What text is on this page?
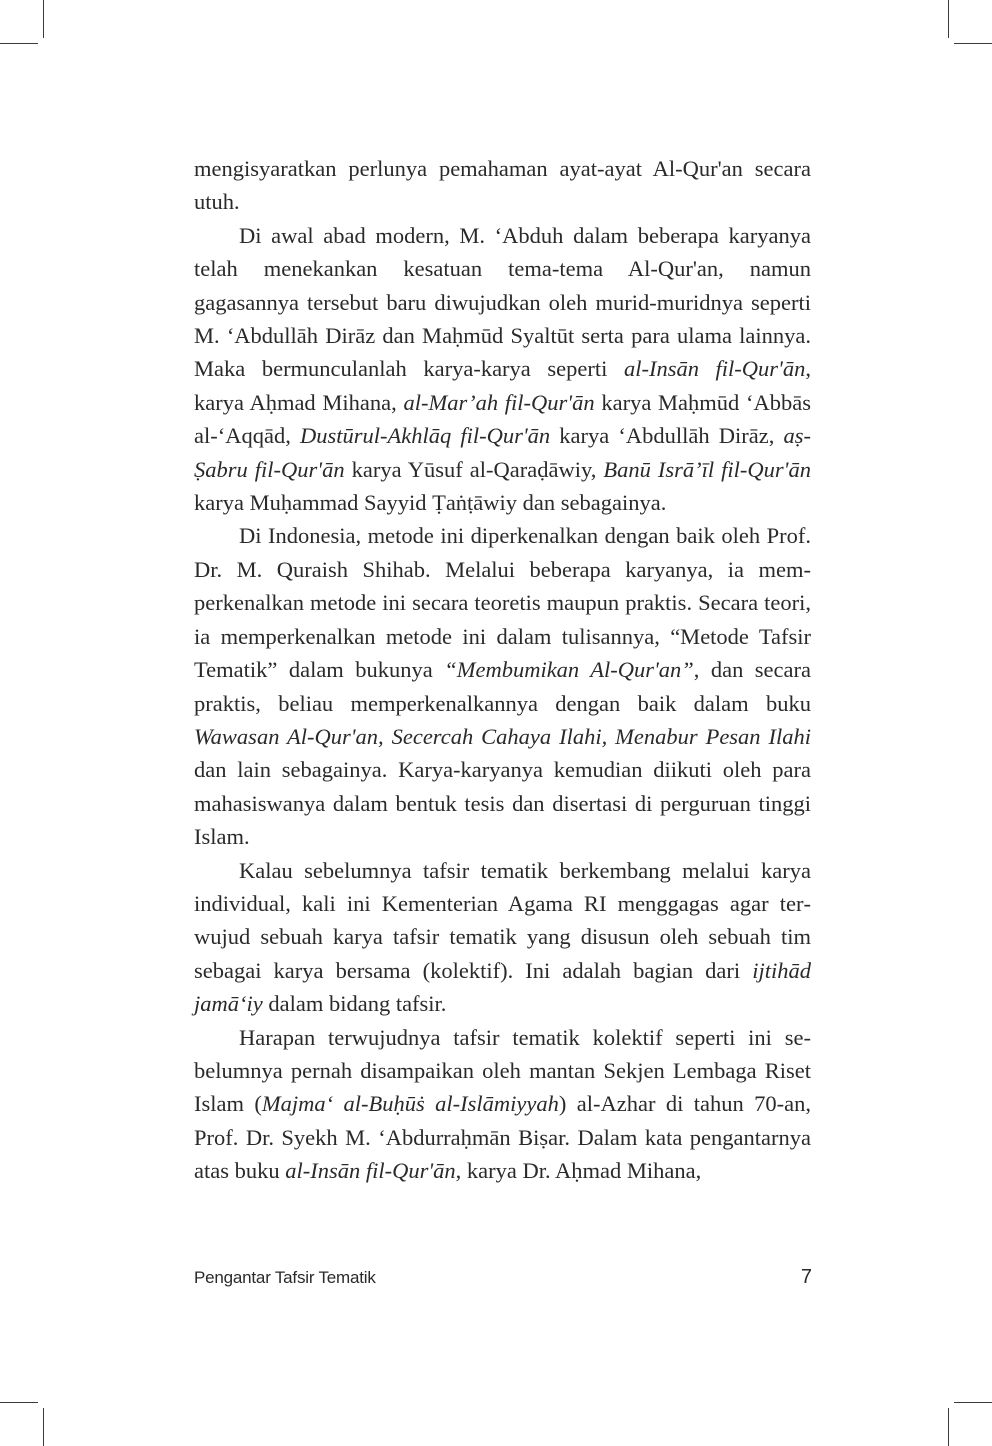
mengisyaratkan perlunya pemahaman ayat-ayat Al-Qur'an secara utuh.

Di awal abad modern, M. ‘Abduh dalam beberapa karyanya telah menekankan kesatuan tema-tema Al-Qur'an, namun gagasannya tersebut baru diwujudkan oleh murid-muridnya seperti M. ‘Abdullāh Dirāz dan Maḥmūd Syaltūt serta para ulama lainnya. Maka bermunculanlah karya-karya seperti al-Insān fil-Qur'ān, karya Aḥmad Mihana, al-Mar’ah fil-Qur'ān karya Maḥmūd ‘Abbās al-‘Aqqād, Dustūrul-Akhlāq fil-Qur'ān karya ‘Abdullāh Dirāz, aṣ-Ṣabru fil-Qur'ān karya Yūsuf al-Qaraḍāwiy, Banū Isrā’īl fil-Qur'ān karya Muḥammad Sayyid Ṭaṅṭāwiy dan sebagainya.

Di Indonesia, metode ini diperkenalkan dengan baik oleh Prof. Dr. M. Quraish Shihab. Melalui beberapa karyanya, ia memperkenalkan metode ini secara teoretis maupun praktis. Secara teori, ia memperkenalkan metode ini dalam tulisannya, “Metode Tafsir Tematik” dalam bukunya “Membumikan Al-Qur'an”, dan secara praktis, beliau memperkenalkannya dengan baik dalam buku Wawasan Al-Qur'an, Secercah Cahaya Ilahi, Menabur Pesan Ilahi dan lain sebagainya. Karya-karyanya kemudian diikuti oleh para mahasiswanya dalam bentuk tesis dan disertasi di perguruan tinggi Islam.

Kalau sebelumnya tafsir tematik berkembang melalui karya individual, kali ini Kementerian Agama RI menggagas agar terwujud sebuah karya tafsir tematik yang disusun oleh sebuah tim sebagai karya bersama (kolektif). Ini adalah bagian dari ijtihād jamā‘iy dalam bidang tafsir.

Harapan terwujudnya tafsir tematik kolektif seperti ini sebelumnya pernah disampaikan oleh mantan Sekjen Lembaga Riset Islam (Majma‘ al-Buḥūṡ al-Islāmiyyah) al-Azhar di tahun 70-an, Prof. Dr. Syekh M. ‘Abdurraḥmān Biṣar. Dalam kata pengantarnya atas buku al-Insān fil-Qur'ān, karya Dr. Aḥmad Mihana,

Pengantar Tafsir Tematik	7
